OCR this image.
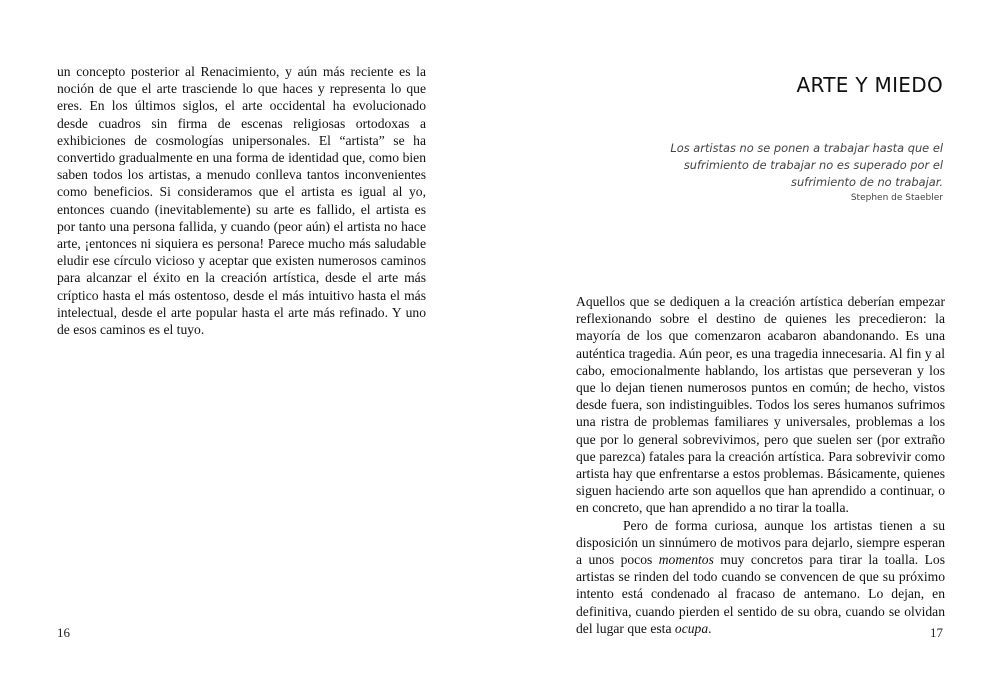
un concepto posterior al Renacimiento, y aún más reciente es la noción de que el arte trasciende lo que haces y representa lo que eres. En los últimos siglos, el arte occidental ha evolucionado desde cuadros sin firma de escenas religiosas ortodoxas a exhibiciones de cosmologías unipersonales. El “artista” se ha convertido gradualmente en una forma de identidad que, como bien saben todos los artistas, a menudo conlleva tantos inconvenientes como beneficios. Si consideramos que el artista es igual al yo, entonces cuando (inevitablemente) su arte es fallido, el artista es por tanto una persona fallida, y cuando (peor aún) el artista no hace arte, ¡entonces ni siquiera es persona! Parece mucho más saludable eludir ese círculo vicioso y aceptar que existen numerosos caminos para alcanzar el éxito en la creación artística, desde el arte más críptico hasta el más ostentoso, desde el más intuitivo hasta el más intelectual, desde el arte popular hasta el arte más refinado. Y uno de esos caminos es el tuyo.

16
ARTE Y MIEDO

Los artistas no se ponen a trabajar hasta que el sufrimiento de trabajar no es superado por el sufrimiento de no trabajar.

Stephen de Staebler

Aquellos que se dediquen a la creación artística deberían empezar reflexionando sobre el destino de quienes les precedieron: la mayoría de los que comenzaron acabaron abandonando. Es una auténtica tragedia. Aún peor, es una tragedia innecesaria. Al fin y al cabo, emocionalmente hablando, los artistas que perseveran y los que lo dejan tienen numerosos puntos en común; de hecho, vistos desde fuera, son indistinguibles. Todos los seres humanos sufrimos una ristra de problemas familiares y universales, problemas a los que por lo general sobrevivimos, pero que suelen ser (por extraño que parezca) fatales para la creación artística. Para sobrevivir como artista hay que enfrentarse a estos problemas. Básicamente, quienes siguen haciendo arte son aquellos que han aprendido a continuar, o en concreto, que han aprendido a no tirar la toalla.

Pero de forma curiosa, aunque los artistas tienen a su disposición un sinnúmero de motivos para dejarlo, siempre esperan a unos pocos momentos muy concretos para tirar la toalla. Los artistas se rinden del todo cuando se convencen de que su próximo intento está condenado al fracaso de antemano. Lo dejan, en definitiva, cuando pierden el sentido de su obra, cuando se olvidan del lugar que esta ocupa.	17
